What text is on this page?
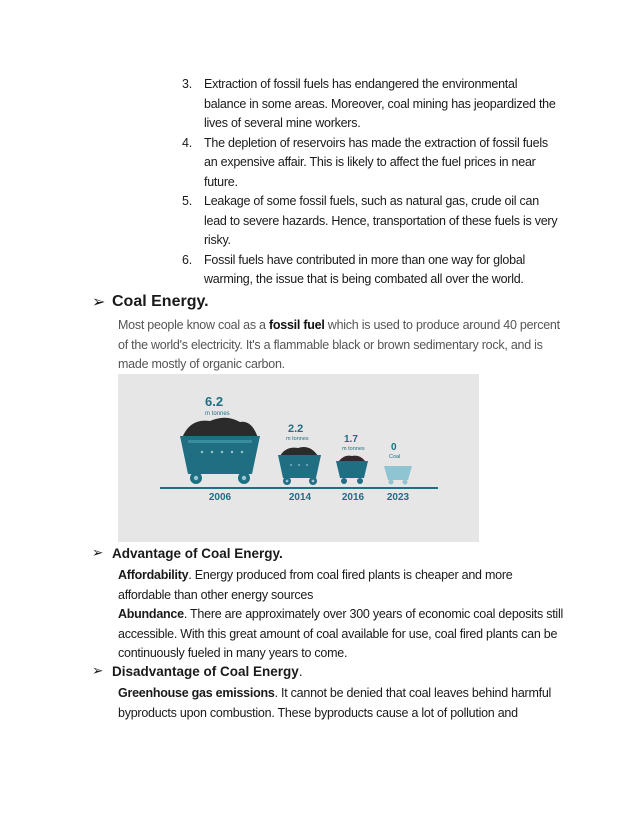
3. Extraction of fossil fuels has endangered the environmental balance in some areas. Moreover, coal mining has jeopardized the lives of several mine workers.
4. The depletion of reservoirs has made the extraction of fossil fuels an expensive affair. This is likely to affect the fuel prices in near future.
5. Leakage of some fossil fuels, such as natural gas, crude oil can lead to severe hazards. Hence, transportation of these fuels is very risky.
6. Fossil fuels have contributed in more than one way for global warming, the issue that is being combated all over the world.
➢ Coal Energy.
Most people know coal as a fossil fuel which is used to produce around 40 percent of the world's electricity. It's a flammable black or brown sedimentary rock, and is made mostly of organic carbon.
6.2
m tonnes
2006
2.2
m tonnes
2014
1.7
m tonnes
2016
0
Coal
2023
➢ Advantage of Coal Energy.
Affordability. Energy produced from coal fired plants is cheaper and more affordable than other energy sources
Abundance. There are approximately over 300 years of economic coal deposits still accessible. With this great amount of coal available for use, coal fired plants can be continuously fueled in many years to come.
➢ Disadvantage of Coal Energy .
Greenhouse gas emissions. It cannot be denied that coal leaves behind harmful byproducts upon combustion. These byproducts cause a lot of pollution and
